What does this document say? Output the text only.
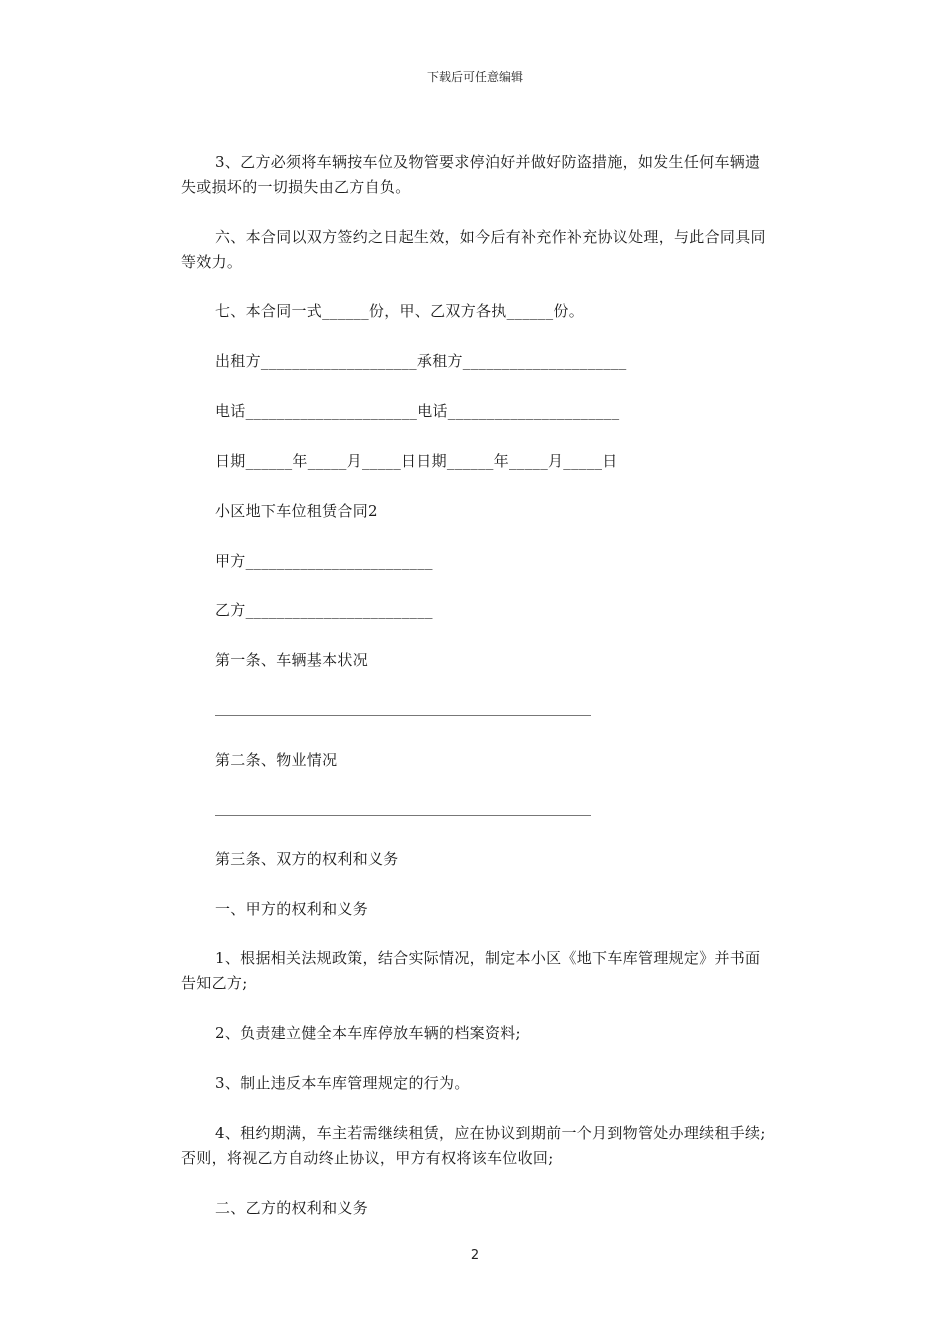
下载后可任意编辑

3、乙方必须将车辆按车位及物管要求停泊好并做好防盗措施，如发生任何车辆遗失或损坏的一切损失由乙方自负。

六、本合同以双方签约之日起生效，如今后有补充作补充协议处理，与此合同具同等效力。

七、本合同一式______份，甲、乙双方各执______份。

出租方____________________承租方_____________________

电话______________________电话______________________

日期______年_____月_____日日期______年_____月_____日

小区地下车位租赁合同2

甲方________________________

乙方________________________

第一条、车辆基本状况

第二条、物业情况

第三条、双方的权利和义务

一、甲方的权利和义务

1、根据相关法规政策，结合实际情况，制定本小区《地下车库管理规定》并书面告知乙方;

2、负责建立健全本车库停放车辆的档案资料;

3、制止违反本车库管理规定的行为。

4、租约期满，车主若需继续租赁，应在协议到期前一个月到物管处办理续租手续;否则，将视乙方自动终止协议，甲方有权将该车位收回;

二、乙方的权利和义务

2
